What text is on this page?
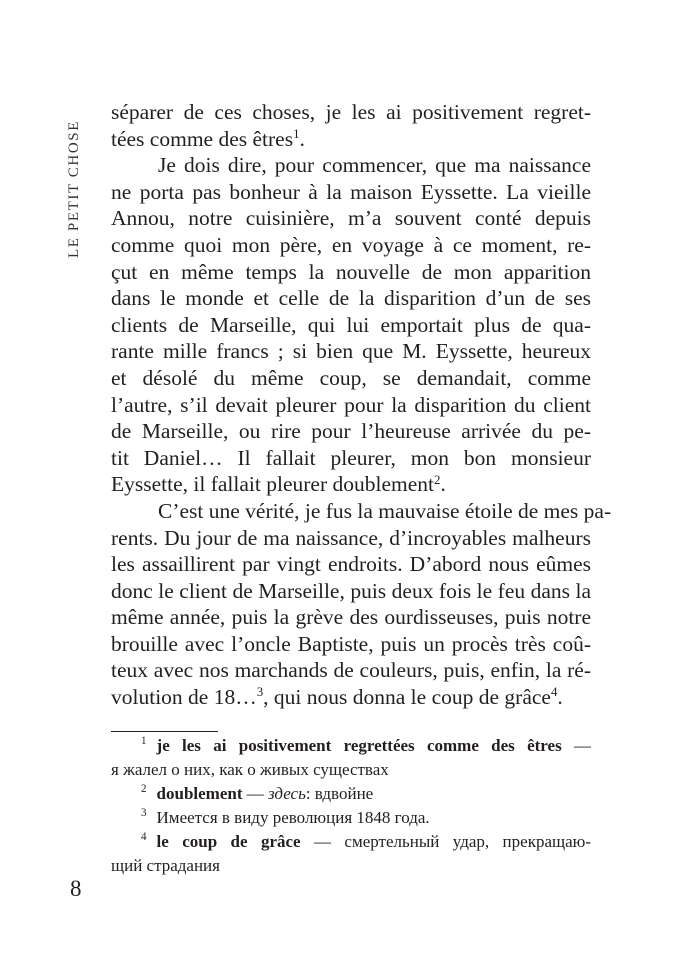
LE PETIT CHOSE
séparer de ces choses, je les ai positivement regret-
tées comme des êtres$^1$.
Je dois dire, pour commencer, que ma naissance
ne porta pas bonheur à la maison Eyssette. La vieille
Annou, notre cuisinière, m’a souvent conté depuis
comme quoi mon père, en voyage à ce moment, re-
çut en même temps la nouvelle de mon apparition
dans le monde et celle de la disparition d’un de ses
clients de Marseille, qui lui emportait plus de qua-
rante mille francs ; si bien que M. Eyssette, heureux
et désolé du même coup, se demandait, comme
l’autre, s’il devait pleurer pour la disparition du client
de Marseille, ou rire pour l’heureuse arrivée du pe-
tit Daniel… Il fallait pleurer, mon bon monsieur
Eyssette, il fallait pleurer doublement$^2$.
C’est une vérité, je fus la mauvaise étoile de mes pa-
rents. Du jour de ma naissance, d’incroyables malheurs
les assaillirent par vingt endroits. D’abord nous eûmes
donc le client de Marseille, puis deux fois le feu dans la
même année, puis la grève des ourdisseuses, puis notre
brouille avec l’oncle Baptiste, puis un procès très coû-
teux avec nos marchands de couleurs, puis, enfin, la ré-
volution de 18…$^3$, qui nous donna le coup de grâce$^4$.
$^1$ je les ai positivement regrettées comme des êtres —
я жалел о них, как о живых существах
$^2$ doublement — здесь: вдвойне
$^3$ Имеется в виду революция 1848 года.
$^4$ le coup de grâce — смертельный удар, прекращаю-
щий страдания
8
